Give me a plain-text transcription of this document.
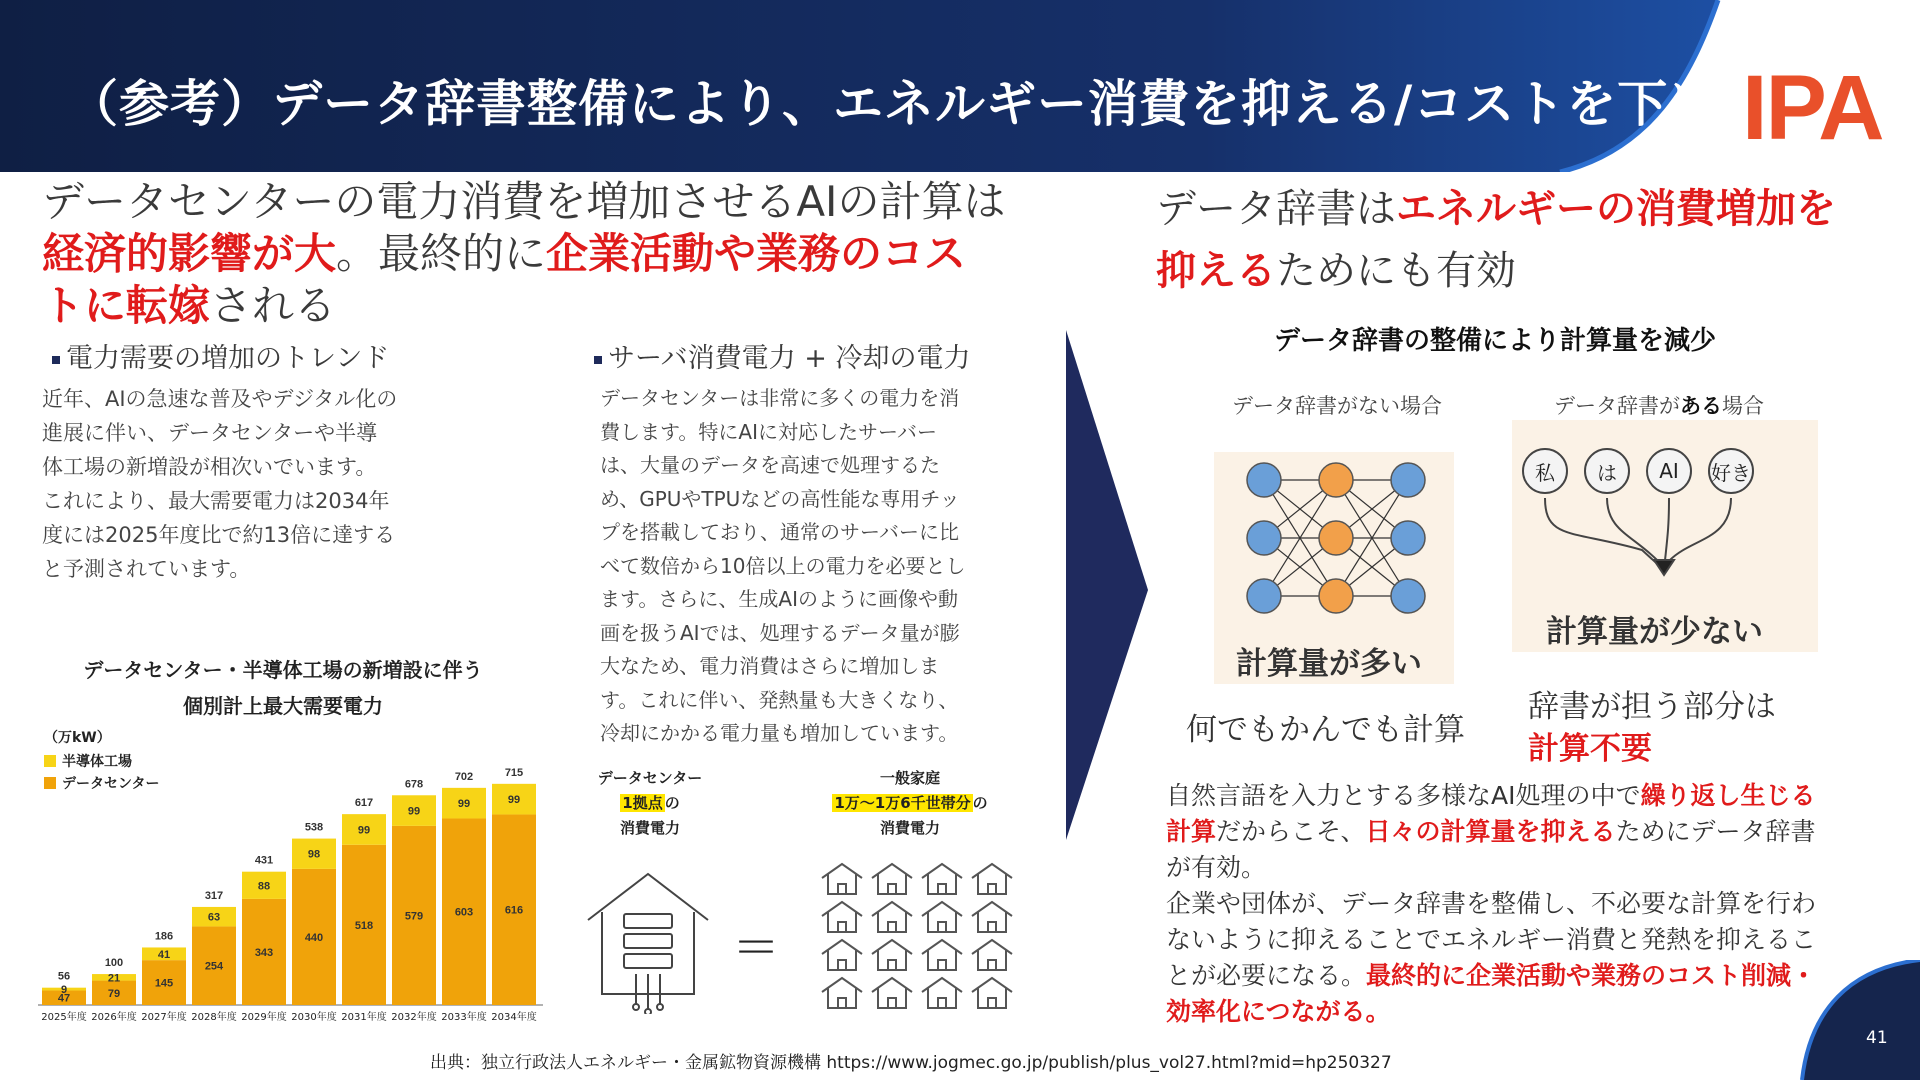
（参考）データ辞書整備により、エネルギー消費を抑える/コストを下げる
IPA
データセンターの電力消費を増加させるAIの計算は
経済的影響が大。最終的に企業活動や業務のコス
トに転嫁される
電力需要の増加のトレンド
近年、AIの急速な普及やデジタル化の
進展に伴い、データセンターや半導
体工場の新増設が相次いでいます。
これにより、最大需要電力は2034年
度には2025年度比で約13倍に達する
と予測されています。
サーバ消費電力 + 冷却の電力
データセンターは非常に多くの電力を消
費します。特にAIに対応したサーバー
は、大量のデータを高速で処理するた
め、GPUやTPUなどの高性能な専用チッ
プを搭載しており、通常のサーバーに比
べて数倍から10倍以上の電力を必要とし
ます。さらに、生成AIのように画像や動
画を扱うAIでは、処理するデータ量が膨
大なため、電力消費はさらに増加しま
す。これに伴い、発熱量も大きくなり、
冷却にかかる電力量も増加しています。
データセンター・半導体工場の新増設に伴う
個別計上最大需要電力
（万kW）
半導体工場
データセンター
47
9
56
2025年度
79
21
100
2026年度
145
41
186
2027年度
254
63
317
2028年度
343
88
431
2029年度
440
98
538
2030年度
518
99
617
2031年度
579
99
678
2032年度
603
99
702
2033年度
616
99
715
2034年度
データセンター
1拠点 の
消費電力
一般家庭
1万～1万6千世帯分 の
消費電力
＝
データ辞書はエネルギーの消費増加を
抑えるためにも有効
データ辞書の整備により計算量を減少
データ辞書がない場合	データ辞書がある場合
計算量が多い
何でもかんでも計算
私	は	AI	好き
計算量が少ない
辞書が担う部分は
計算不要
自然言語を入力とする多様なAI処理の中で繰り返し生じる
計算だからこそ、日々の計算量を抑えるためにデータ辞書
が有効。
企業や団体が、データ辞書を整備し、不必要な計算を行わ
ないように抑えることでエネルギー消費と発熱を抑えるこ
とが必要になる。最終的に企業活動や業務のコスト削減・
効率化につながる。
出典：独立行政法人エネルギー・金属鉱物資源機構 https://www.jogmec.go.jp/publish/plus_vol27.html?mid=hp250327
41
